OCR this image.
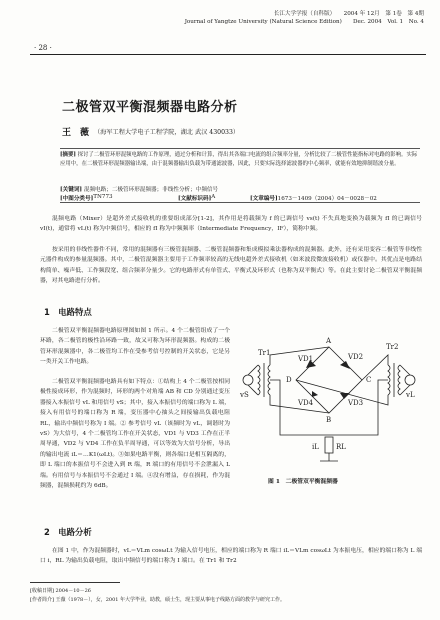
· 28 ·
长江大学学报（自科版）　　2004 年 12月　第 1卷　第 4期
Journal of Yangtze University (Natural Science Edition)　　Dec. 2004　Vol. 1　No. 4
二极管双平衡混频器电路分析
王　薇 （海军工程大学电子工程学院，湖北 武汉 430033）
[摘要] 探讨了二极管环形混频电路的工作原理，通过分析和计算，得出其各端口电流的组合频率分量，分析比较了二极管性能指标对电路的影响。实际应用中，在二极管环形混频器输出端，由于混频器输出负载为带通滤波器，因此，只要实际选择滤波器的中心频率，就能有效地抑制谐波分量。
[关键词] 混频电路；二极管环形混频器；非线性分析；中频信号
[中图分类号] TN773	[文献标识码] A	[文章编号] 1673－1409（2004）04－0028－02
混频电路（Mixer）是超外差式接收机的重要组成部分[1-2]，其作用是将载频为 f 的已调信号 vs(t) 不失真地变换为载频为 fI 的已调信号 vI(t)，通常将 vL(t) 称为中频信号，相应的 fI 称为中频频率（Intermediate Frequency，IF），简称中频。
按采用的非线性器件不同，常用的混频器有三极管混频器、二极管混频器和集成模拟乘法器构成的混频器。此外，还有采用变容二极管等非线性元器件构成的参量混频器。其中，二极管混频器主要用于工作频率较高的无线电超外差式接收机（如米波段微波接收机）或仪器中。其优点是电路结构简单、噪声低、工作频段宽、组合频率分量少。它的电路形式有单管式、平衡式及环形式（也称为双平衡式）等。在此主要讨论二极管双平衡混频器，对其电路进行分析。
1　电路特点
二极管双平衡混频器电路原理图如图 1 所示。4 个二极管组成了一个环路，各二极管的极性沿环路一致，故又可称为环形混频器。构成的二极管环形混频器中，各二极管均工作在受参考信号控制的开关状态，它是另一类开关工作电路。
二极管双平衡混频器电路具有如下特点：①结构上 4 个二极管按相同极性接成环形，作为混频时，环形的两个对角端 AB 和 CD 分别通过变压器接入本振信号 vL 和用信号 vS；其中，接入本振信号的端口称为 L 端，接入有用信号的端口称为 R 端，变压器中心抽头之间接输出负载电阻 RL，输出中频信号称为 I 端。② 参考信号 vL（该频时为 vL，调谐时为 vS）为大信号，4 个二极管均工作在开关状态，VD1 与 VD3 工作在正半周导通，VD2 与 VD4 工作在负半周导通，可以等效为大信号分析，导出的输出电流 iL＝…K1(ωLt)。③如果电路平衡，则各端口是相互隔离的，即 L 端口的本振信号不会进入到 R 端，R 端口的有用信号不会泄漏入 L 端。有用信号与本振信号不会通过 I 端。④没有增益，存在损耗，作为混频器，混频损耗约为 6dB。
Tr1
Tr2
A
B
C
D
VD1	VD2
VD3
VD4
vS	vL
RL
iL
图 1　二极管双平衡混频器
2　电路分析
在图 1 中，作为混频器时，vL＝VLm cosωLt 为输入信号电压，相应的端口称为 R 端口 iL＝VLm cosωLt 为本振电压，相应的端口称为 L 端口 i，RL 为输出负载电阻，取出中频信号的端口称为 I 端口。在 Tr1 和 Tr2
[收稿日期] 2004－10－26
[作者简介] 王薇（1978－），女，2001 年大学毕业，助教，硕士生，现主要从事电子线路方面的教学与研究工作。
